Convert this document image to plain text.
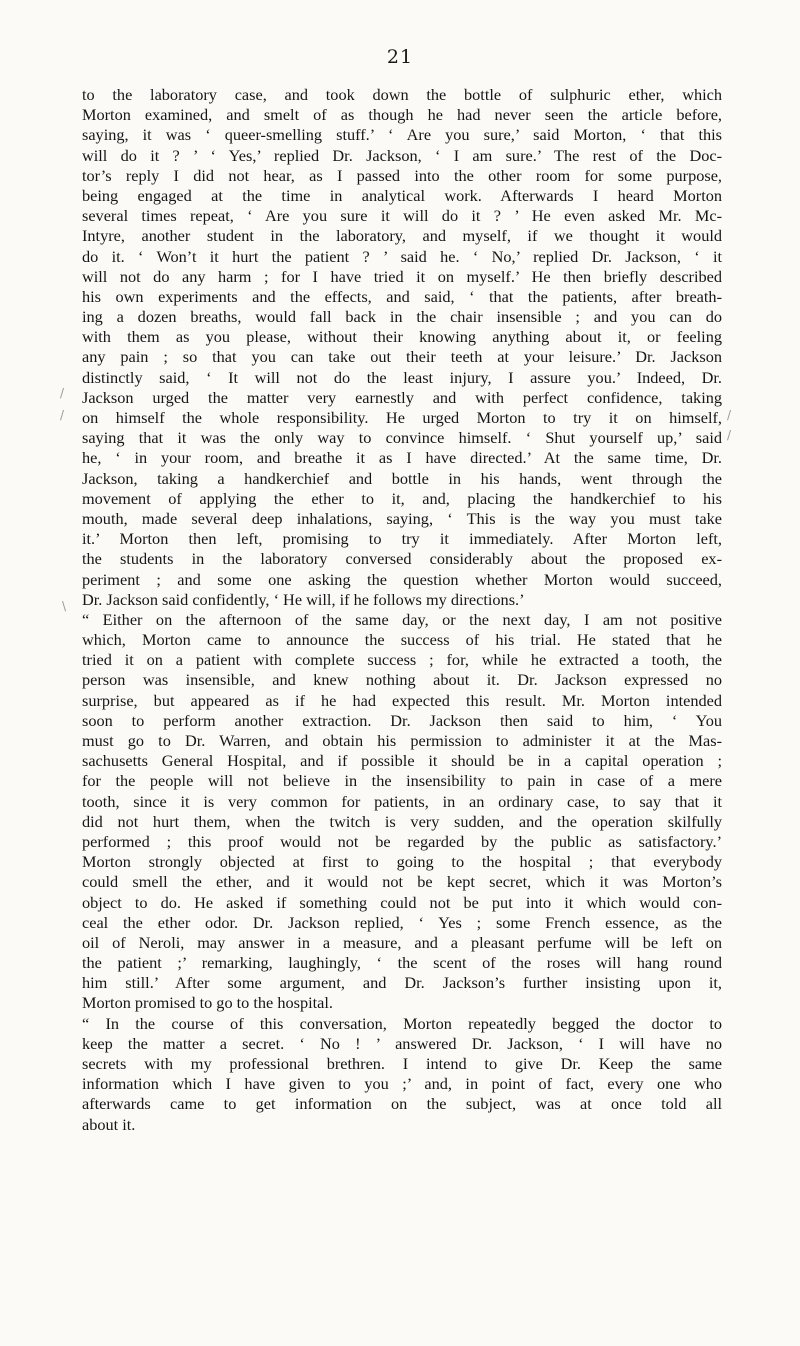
21
/
/	/
/
\
to the laboratory case, and took down the bottle of sulphuric ether, which
Morton examined, and smelt of as though he had never seen the article before,
saying, it was ‘ queer-smelling stuff.’ ‘ Are you sure,’ said Morton, ‘ that this
will do it ? ’ ‘ Yes,’ replied Dr. Jackson, ‘ I am sure.’ The rest of the Doc-
tor’s reply I did not hear, as I passed into the other room for some purpose,
being engaged at the time in analytical work. Afterwards I heard Morton
several times repeat, ‘ Are you sure it will do it ? ’ He even asked Mr. Mc-
Intyre, another student in the laboratory, and myself, if we thought it would
do it. ‘ Won’t it hurt the patient ? ’ said he. ‘ No,’ replied Dr. Jackson, ‘ it
will not do any harm ; for I have tried it on myself.’ He then briefly described
his own experiments and the effects, and said, ‘ that the patients, after breath-
ing a dozen breaths, would fall back in the chair insensible ; and you can do
with them as you please, without their knowing anything about it, or feeling
any pain ; so that you can take out their teeth at your leisure.’ Dr. Jackson
distinctly said, ‘ It will not do the least injury, I assure you.’ Indeed, Dr.
Jackson urged the matter very earnestly and with perfect confidence, taking
on himself the whole responsibility. He urged Morton to try it on himself,
saying that it was the only way to convince himself. ‘ Shut yourself up,’ said
he, ‘ in your room, and breathe it as I have directed.’ At the same time, Dr.
Jackson, taking a handkerchief and bottle in his hands, went through the
movement of applying the ether to it, and, placing the handkerchief to his
mouth, made several deep inhalations, saying, ‘ This is the way you must take
it.’ Morton then left, promising to try it immediately. After Morton left,
the students in the laboratory conversed considerably about the proposed ex-
periment ; and some one asking the question whether Morton would succeed,
Dr. Jackson said confidently, ‘ He will, if he follows my directions.’
“ Either on the afternoon of the same day, or the next day, I am not positive
which, Morton came to announce the success of his trial. He stated that he
tried it on a patient with complete success ; for, while he extracted a tooth, the
person was insensible, and knew nothing about it. Dr. Jackson expressed no
surprise, but appeared as if he had expected this result. Mr. Morton intended
soon to perform another extraction. Dr. Jackson then said to him, ‘ You
must go to Dr. Warren, and obtain his permission to administer it at the Mas-
sachusetts General Hospital, and if possible it should be in a capital operation ;
for the people will not believe in the insensibility to pain in case of a mere
tooth, since it is very common for patients, in an ordinary case, to say that it
did not hurt them, when the twitch is very sudden, and the operation skilfully
performed ; this proof would not be regarded by the public as satisfactory.’
Morton strongly objected at first to going to the hospital ; that everybody
could smell the ether, and it would not be kept secret, which it was Morton’s
object to do. He asked if something could not be put into it which would con-
ceal the ether odor. Dr. Jackson replied, ‘ Yes ; some French essence, as the
oil of Neroli, may answer in a measure, and a pleasant perfume will be left on
the patient ;’ remarking, laughingly, ‘ the scent of the roses will hang round
him still.’ After some argument, and Dr. Jackson’s further insisting upon it,
Morton promised to go to the hospital.
“ In the course of this conversation, Morton repeatedly begged the doctor to
keep the matter a secret. ‘ No ! ’ answered Dr. Jackson, ‘ I will have no
secrets with my professional brethren. I intend to give Dr. Keep the same
information which I have given to you ;’ and, in point of fact, every one who
afterwards came to get information on the subject, was at once told all
about it.
